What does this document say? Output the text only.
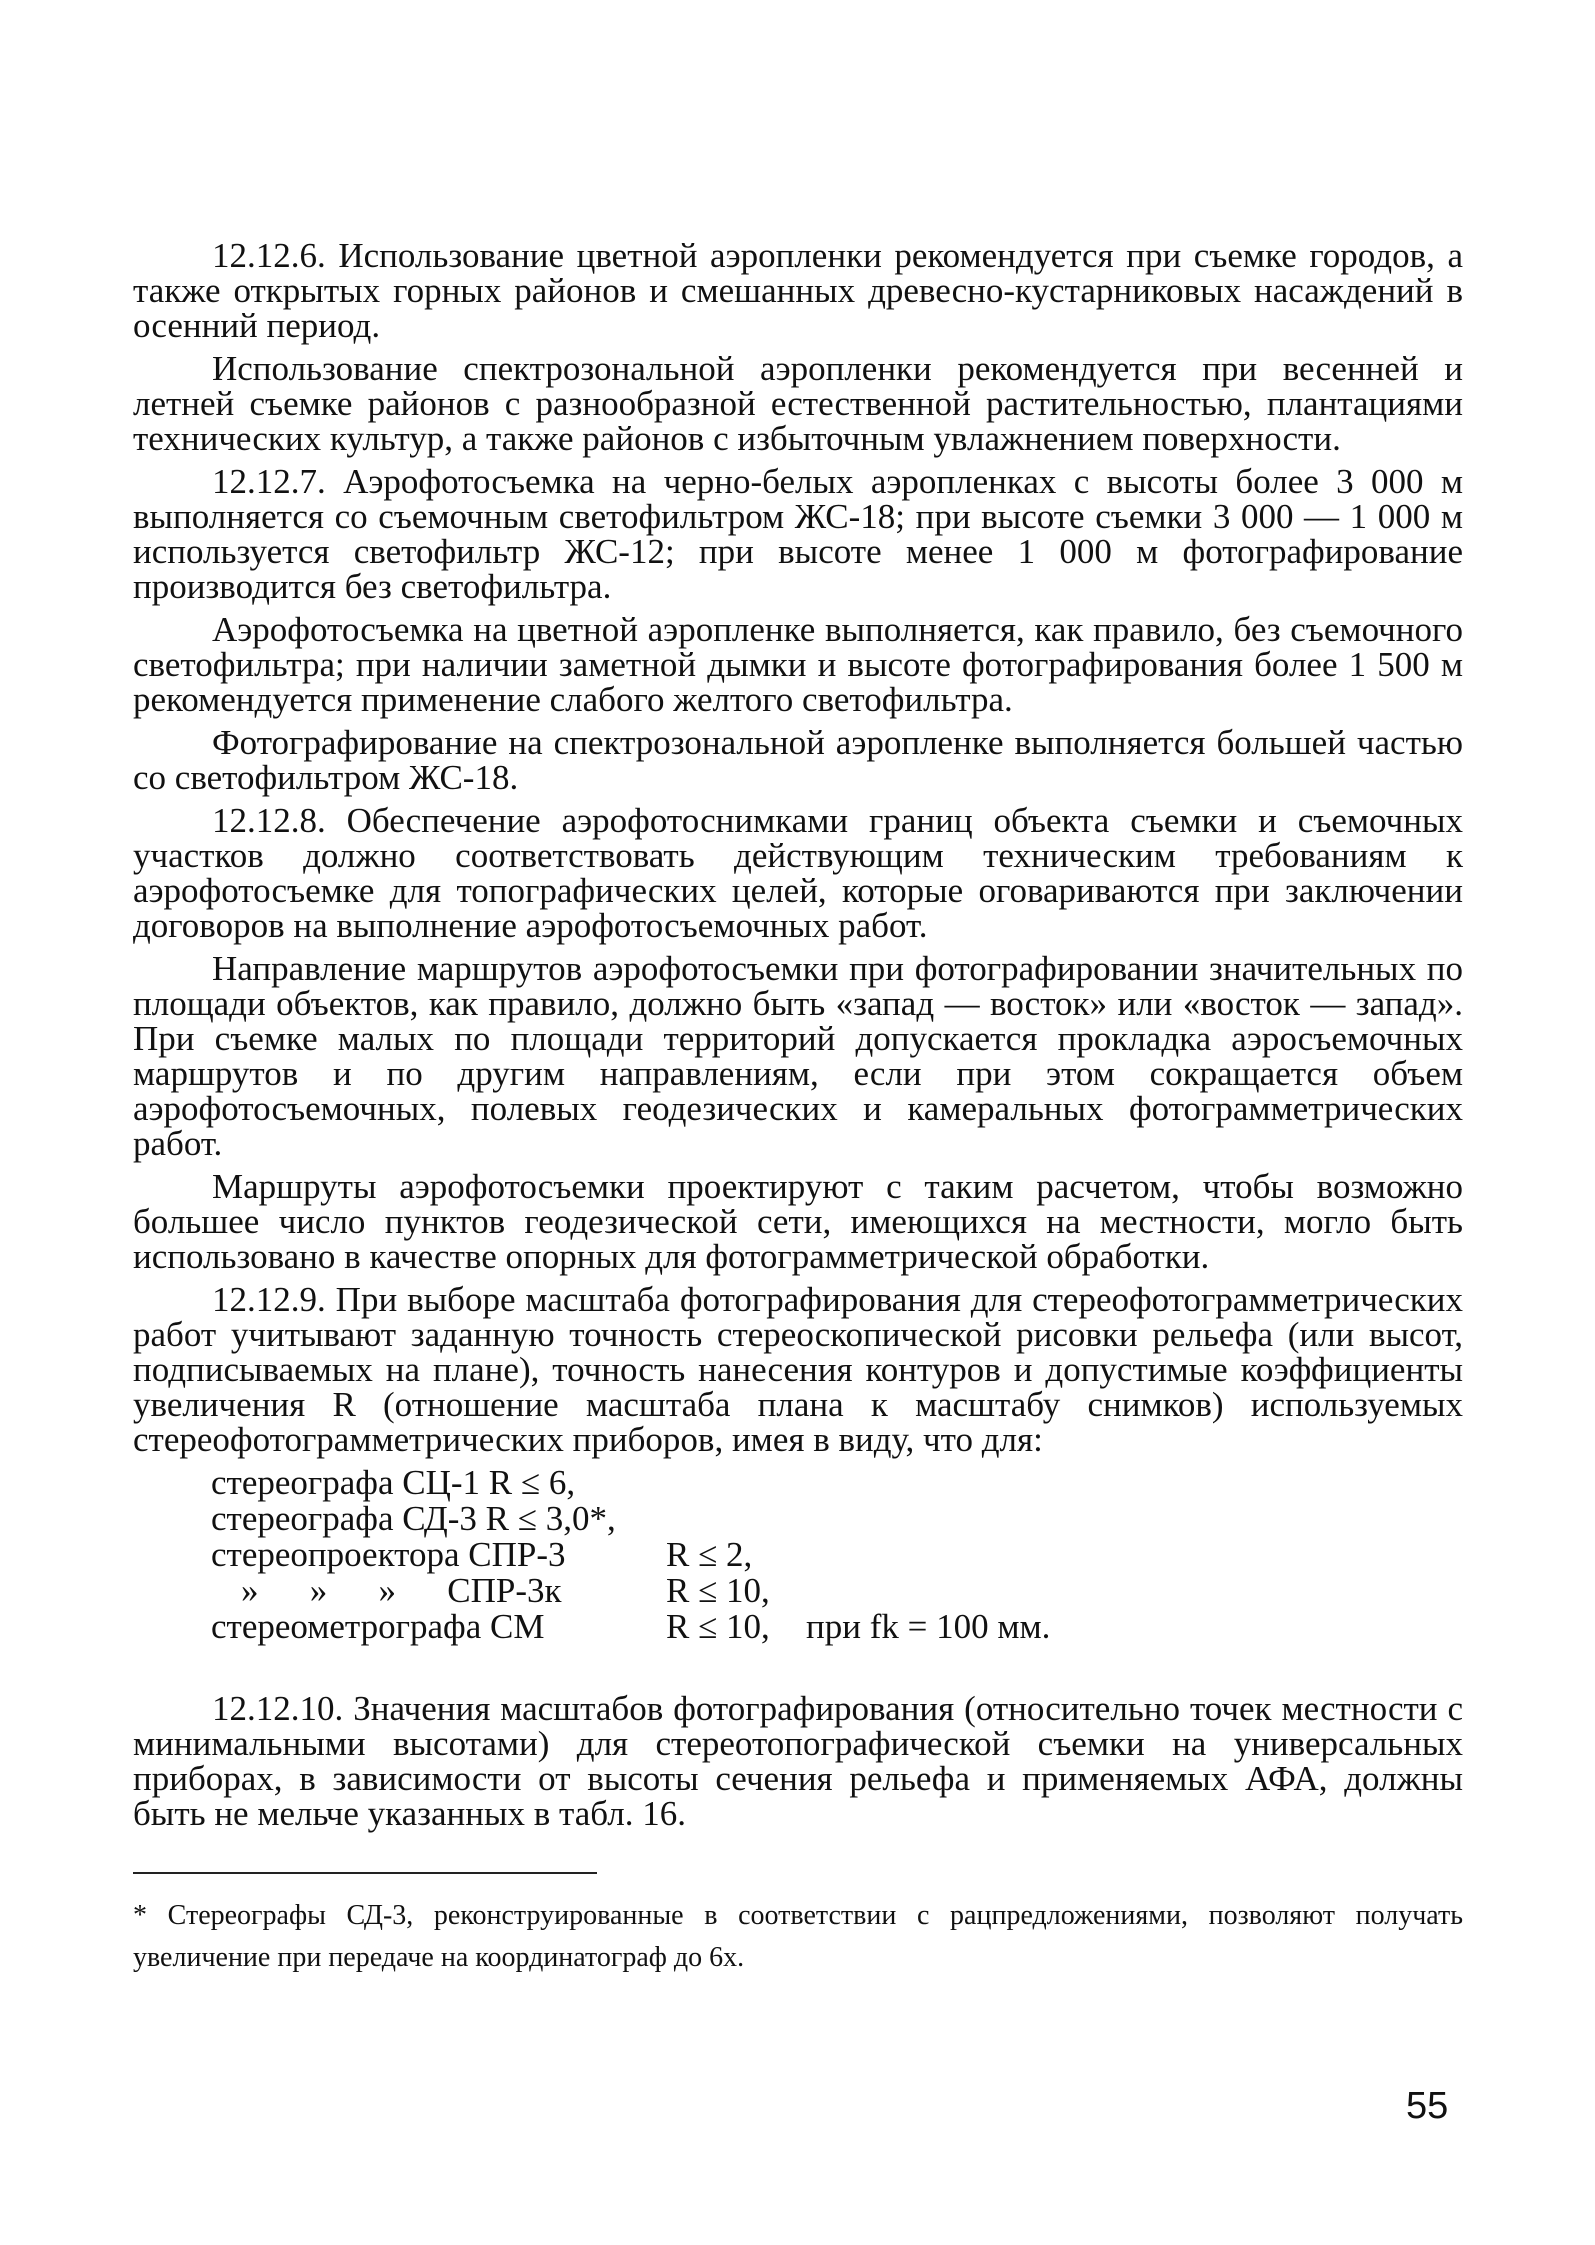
12.12.6. Использование цветной аэропленки рекомендуется при съемке городов, а также открытых горных районов и смешанных древесно-кустарниковых насаждений в осенний период.

Использование спектрозональной аэропленки рекомендуется при весенней и летней съемке районов с разнообразной естественной растительностью, плантациями технических культур, а также районов с избыточным увлажнением поверхности.

12.12.7. Аэрофотосъемка на черно-белых аэропленках с высоты более 3 000 м выполняется со съемочным светофильтром ЖС-18; при высоте съемки 3 000 — 1 000 м используется светофильтр ЖС-12; при высоте менее 1 000 м фотографирование производится без светофильтра.

Аэрофотосъемка на цветной аэропленке выполняется, как правило, без съемочного светофильтра; при наличии заметной дымки и высоте фотографирования более 1 500 м рекомендуется применение слабого желтого светофильтра.

Фотографирование на спектрозональной аэропленке выполняется большей частью со светофильтром ЖС-18.

12.12.8. Обеспечение аэрофотоснимками границ объекта съемки и съемочных участков должно соответствовать действующим техническим требованиям к аэрофотосъемке для топографических целей, которые оговариваются при заключении договоров на выполнение аэрофотосъемочных работ.

Направление маршрутов аэрофотосъемки при фотографировании значительных по площади объектов, как правило, должно быть «запад — восток» или «восток — запад». При съемке малых по площади территорий допускается прокладка аэросъемочных маршрутов и по другим направлениям, если при этом сокращается объем аэрофотосъемочных, полевых геодезических и камеральных фотограмметрических работ.

Маршруты аэрофотосъемки проектируют с таким расчетом, чтобы возможно большее число пунктов геодезической сети, имеющихся на местности, могло быть использовано в качестве опорных для фотограмметрической обработки.

12.12.9. При выборе масштаба фотографирования для стереофотограмметрических работ учитывают заданную точность стереоскопической рисовки рельефа (или высот, подписываемых на плане), точность нанесения контуров и допустимые коэффициенты увеличения R (отношение масштаба плана к масштабу снимков) используемых стереофотограмметрических приборов, имея в виду, что для:

стереографа СЦ-1 R ≤ 6,
стереографа СД-3 R ≤ 3,0*,
стереопроектора СПР-3	R ≤ 2,
» » » СПР-3к	R ≤ 10,
стереометрографа СМ	R ≤ 10,	при fk = 100 мм.

12.12.10. Значения масштабов фотографирования (относительно точек местности с минимальными высотами) для стереотопографической съемки на универсальных приборах, в зависимости от высоты сечения рельефа и применяемых АФА, должны быть не мельче указанных в табл. 16.

* Стереографы СД-3, реконструированные в соответствии с рацпредложениями, позволяют получать увеличение при передаче на координатограф до 6х.
55
